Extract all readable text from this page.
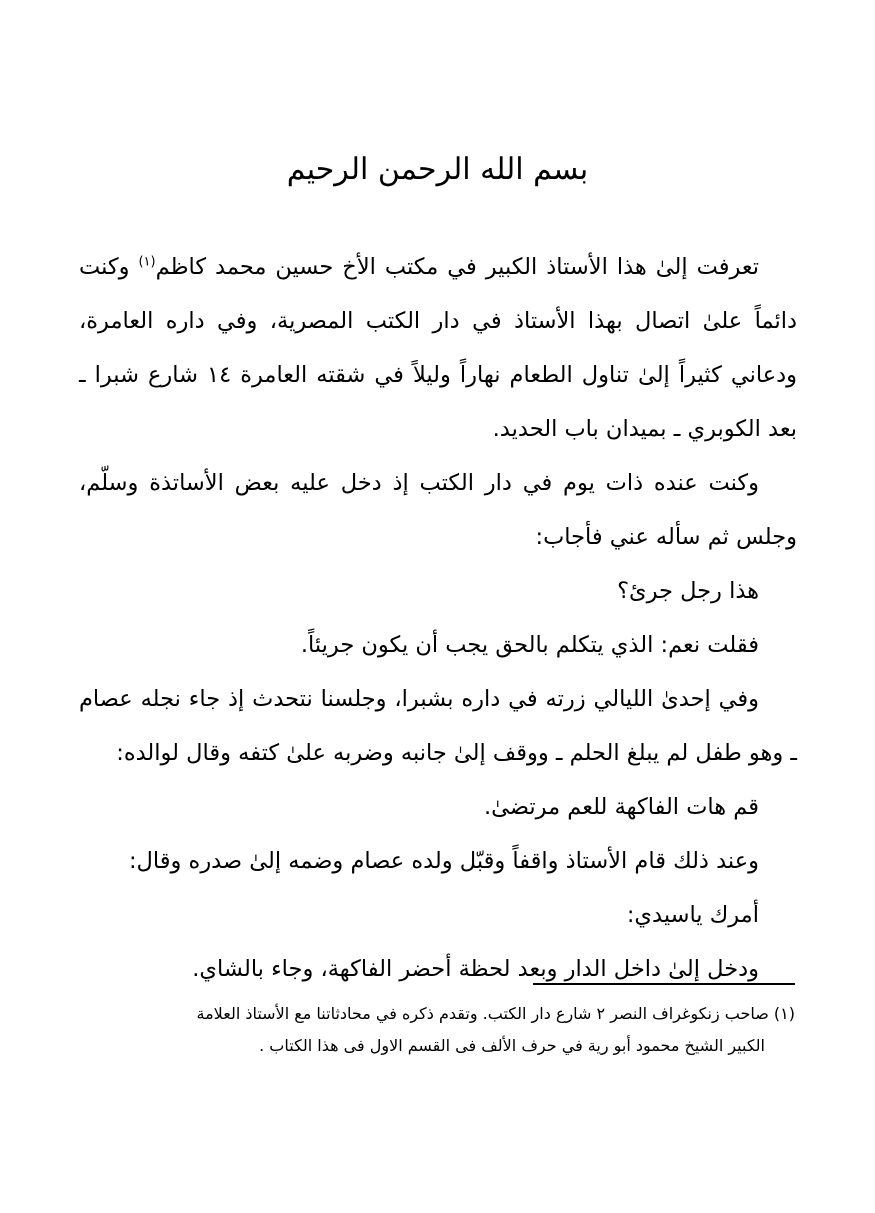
بسم الله الرحمن الرحيم

تعرفت إلىٰ هذا الأستاذ الكبير في مكتب الأخ حسين محمد كاظم$^{(١)}$ وكنت دائماً علىٰ اتصال بهذا الأستاذ في دار الكتب المصرية، وفي داره العامرة، ودعاني كثيراً إلىٰ تناول الطعام نهاراً وليلاً في شقته العامرة ١٤ شارع شبرا ـ بعد الكوبري ـ بميدان باب الحديد.

وكنت عنده ذات يوم في دار الكتب إذ دخل عليه بعض الأساتذة وسلّم، وجلس ثم سأله عني فأجاب:

هذا رجل جرئ؟

فقلت نعم: الذي يتكلم بالحق يجب أن يكون جريئاً.

وفي إحدىٰ الليالي زرته في داره بشبرا، وجلسنا نتحدث إذ جاء نجله عصام ـ وهو طفل لم يبلغ الحلم ـ ووقف إلىٰ جانبه وضربه علىٰ كتفه وقال لوالده:

قم هات الفاكهة للعم مرتضىٰ.

وعند ذلك قام الأستاذ واقفاً وقبّل ولده عصام وضمه إلىٰ صدره وقال:

أمرك ياسيدي:

ودخل إلىٰ داخل الدار وبعد لحظة أحضر الفاكهة، وجاء بالشاي.

(١) صاحب زنكوغراف النصر ٢ شارع دار الكتب. وتقدم ذكره في محادثاتنا مع الأستاذ العلامة

الكبير الشيخ محمود أبو رية في حرف الألف فى القسم الاول فى هذا الكتاب .
